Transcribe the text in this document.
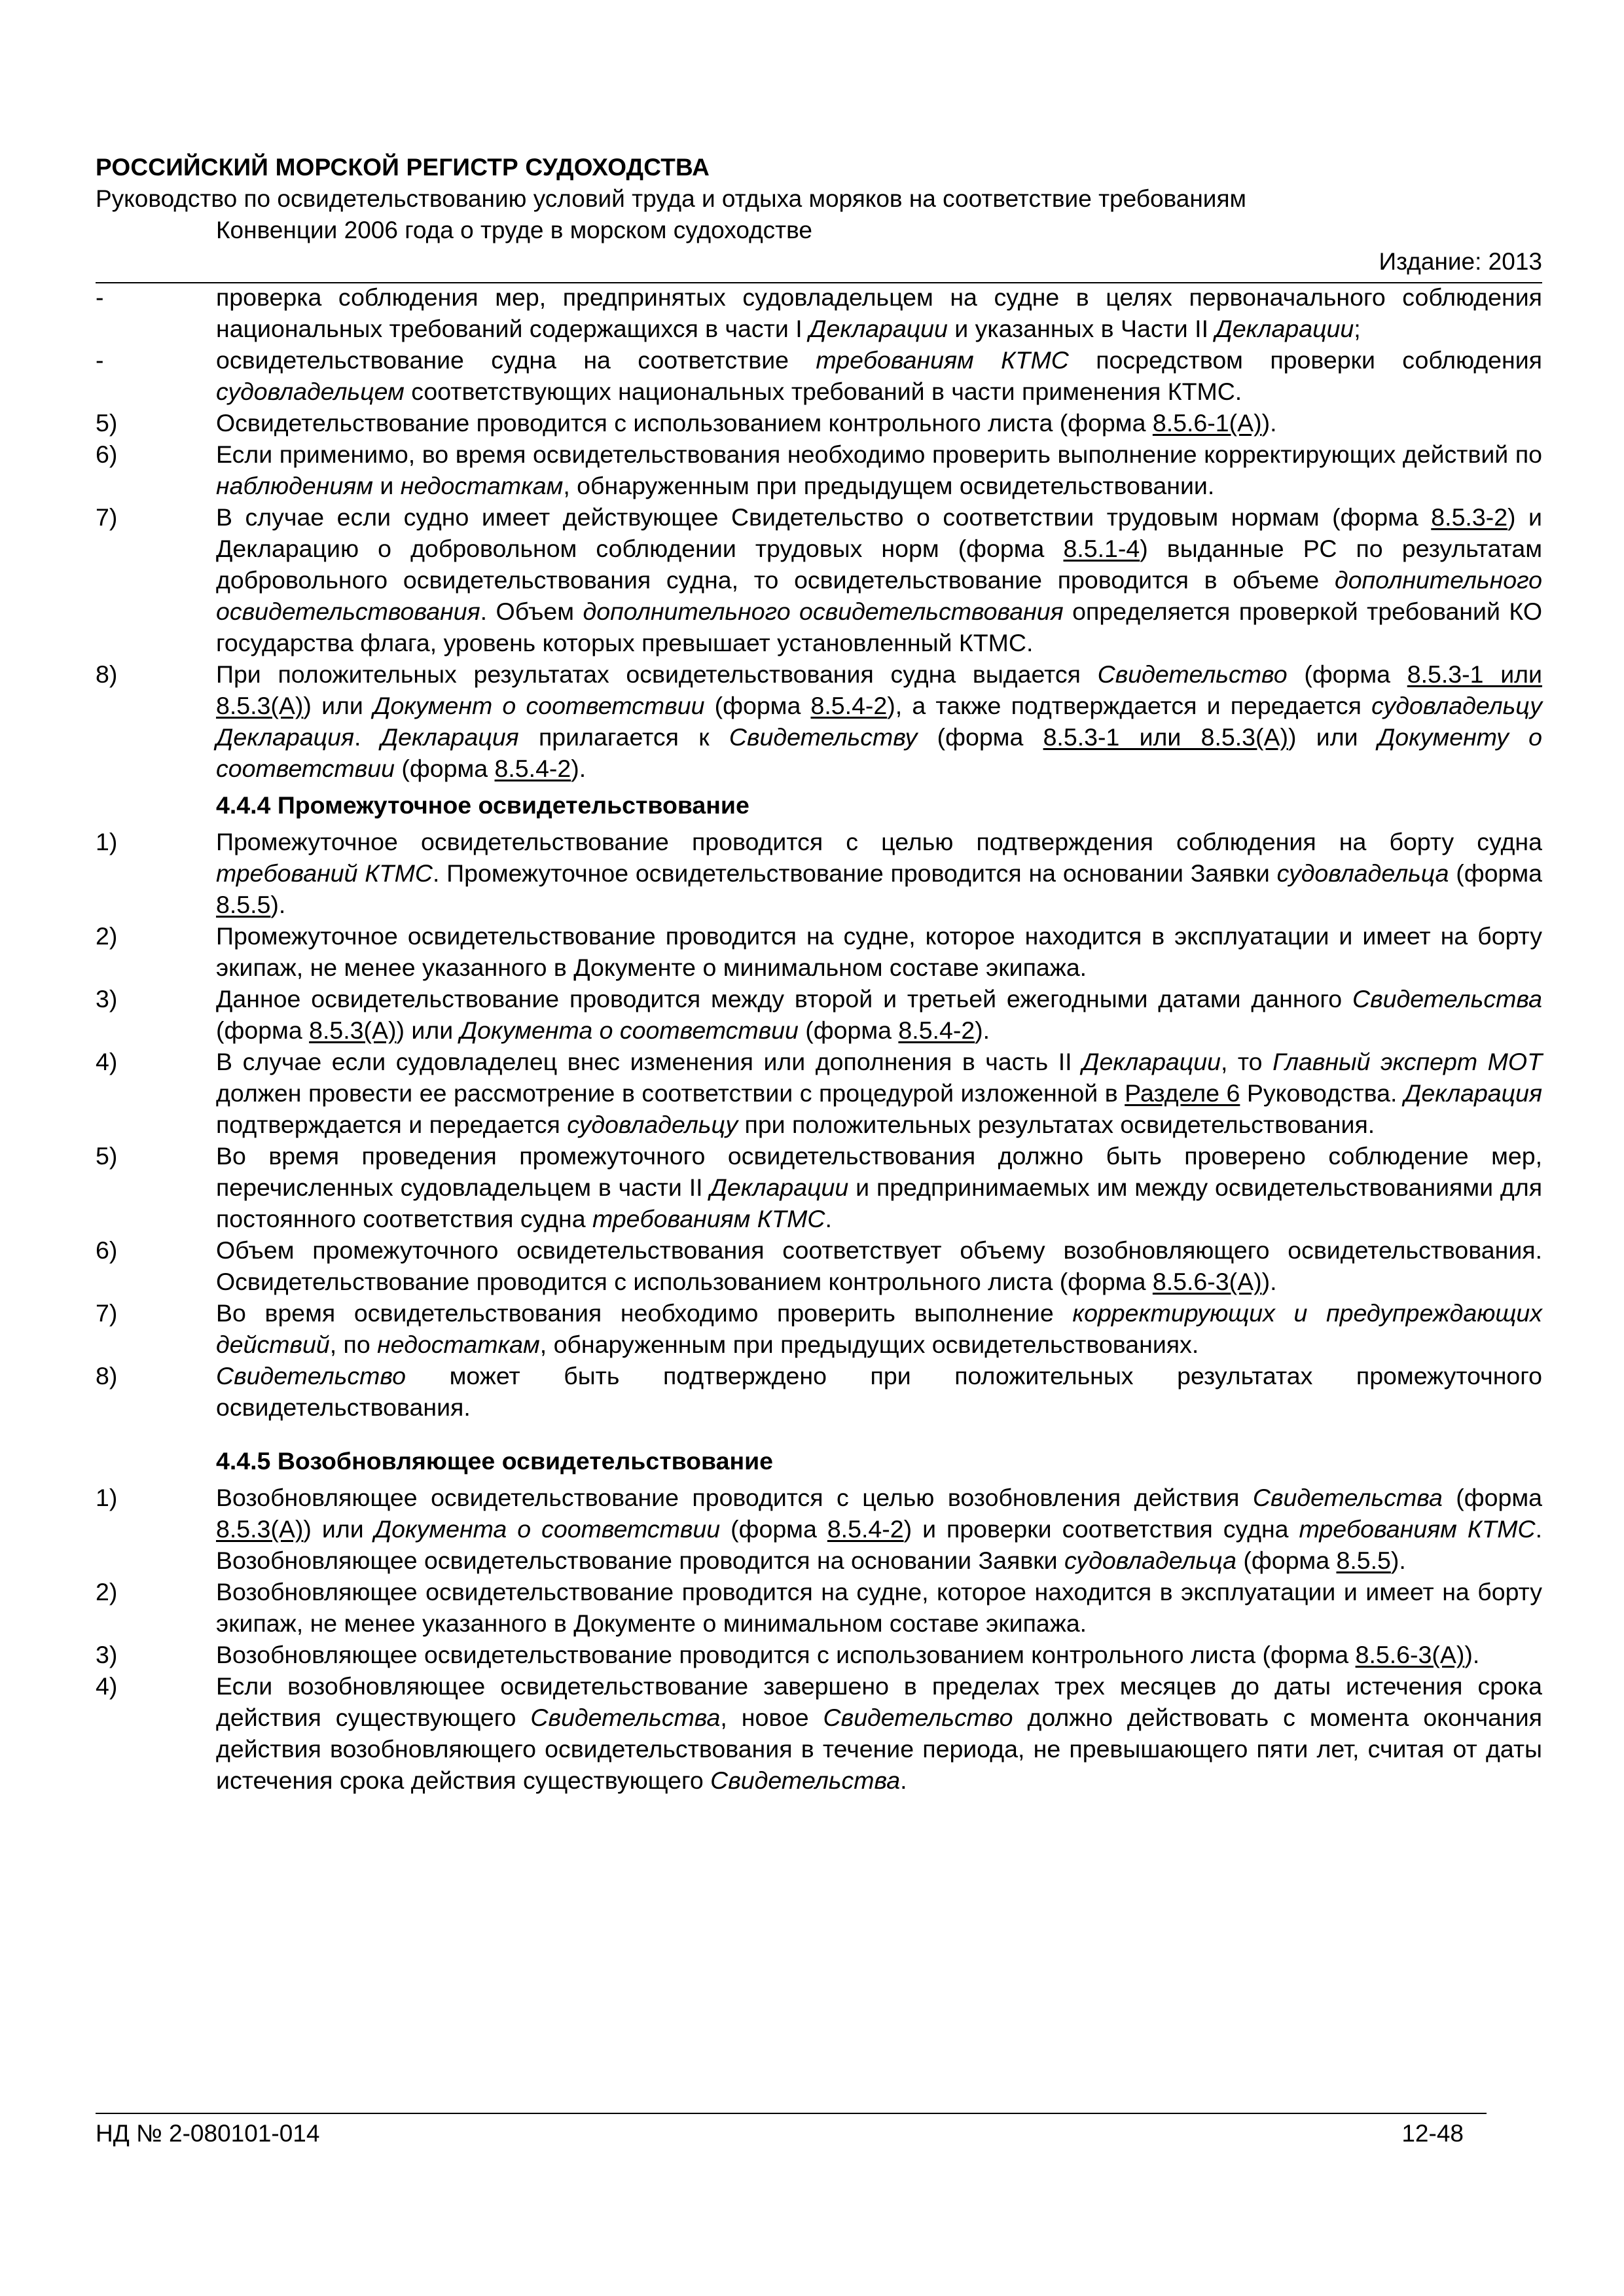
РОССИЙСКИЙ МОРСКОЙ РЕГИСТР СУДОХОДСТВА
Руководство по освидетельствованию условий труда и отдыха моряков на соответствие требованиям
Конвенции 2006 года о труде в морском судоходстве
Издание: 2013
-	проверка соблюдения мер, предпринятых судовладельцем на судне в целях первоначального соблюдения национальных требований содержащихся в части I Декларации и указанных в Части II Декларации;
-	освидетельствование судна на соответствие требованиям КТМС посредством проверки соблюдения судовладельцем соответствующих национальных требований в части применения КТМС.
5)	Освидетельствование проводится с использованием контрольного листа (форма 8.5.6-1(А)).
6)	Если применимо, во время освидетельствования необходимо проверить выполнение корректирующих действий по наблюдениям и недостаткам, обнаруженным при предыдущем освидетельствовании.
7)	В случае если судно имеет действующее Свидетельство о соответствии трудовым нормам (форма 8.5.3-2) и Декларацию о добровольном соблюдении трудовых норм (форма 8.5.1-4) выданные РС по результатам добровольного освидетельствования судна, то освидетельствование проводится в объеме дополнительного освидетельствования. Объем дополнительного освидетельствования определяется проверкой требований КО государства флага, уровень которых превышает установленный КТМС.
8)	При положительных результатах освидетельствования судна выдается Свидетельство (форма 8.5.3-1 или 8.5.3(А)) или Документ о соответствии (форма 8.5.4-2), а также подтверждается и передается судовладельцу Декларация. Декларация прилагается к Свидетельству (форма 8.5.3-1 или 8.5.3(А)) или Документу о соответствии (форма 8.5.4-2).
4.4.4 Промежуточное освидетельствование
1)	Промежуточное освидетельствование проводится с целью подтверждения соблюдения на борту судна требований КТМС. Промежуточное освидетельствование проводится на основании Заявки судовладельца (форма 8.5.5).
2)	Промежуточное освидетельствование проводится на судне, которое находится в эксплуатации и имеет на борту экипаж, не менее указанного в Документе о минимальном составе экипажа.
3)	Данное освидетельствование проводится между второй и третьей ежегодными датами данного Свидетельства (форма 8.5.3(А)) или Документа о соответствии (форма 8.5.4-2).
4)	В случае если судовладелец внес изменения или дополнения в часть II Декларации, то Главный эксперт МОТ должен провести ее рассмотрение в соответствии с процедурой изложенной в Разделе 6 Руководства. Декларация подтверждается и передается судовладельцу при положительных результатах освидетельствования.
5)	Во время проведения промежуточного освидетельствования должно быть проверено соблюдение мер, перечисленных судовладельцем в части II Декларации и предпринимаемых им между освидетельствованиями для постоянного соответствия судна требованиям КТМС.
6)	Объем промежуточного освидетельствования соответствует объему возобновляющего освидетельствования. Освидетельствование проводится с использованием контрольного листа (форма 8.5.6-3(А)).
7)	Во время освидетельствования необходимо проверить выполнение корректирующих и предупреждающих действий, по недостаткам, обнаруженным при предыдущих освидетельствованиях.
8)	Свидетельство может быть подтверждено при положительных результатах промежуточного освидетельствования.
4.4.5 Возобновляющее освидетельствование
1)	Возобновляющее освидетельствование проводится с целью возобновления действия Свидетельства (форма 8.5.3(А)) или Документа о соответствии (форма 8.5.4-2) и проверки соответствия судна требованиям КТМС. Возобновляющее освидетельствование проводится на основании Заявки судовладельца (форма 8.5.5).
2)	Возобновляющее освидетельствование проводится на судне, которое находится в эксплуатации и имеет на борту экипаж, не менее указанного в Документе о минимальном составе экипажа.
3)	Возобновляющее освидетельствование проводится с использованием контрольного листа (форма 8.5.6-3(А)).
4)	Если возобновляющее освидетельствование завершено в пределах трех месяцев до даты истечения срока действия существующего Свидетельства, новое Свидетельство должно действовать с момента окончания действия возобновляющего освидетельствования в течение периода, не превышающего пяти лет, считая от даты истечения срока действия существующего Свидетельства.
НД № 2-080101-014	12-48
